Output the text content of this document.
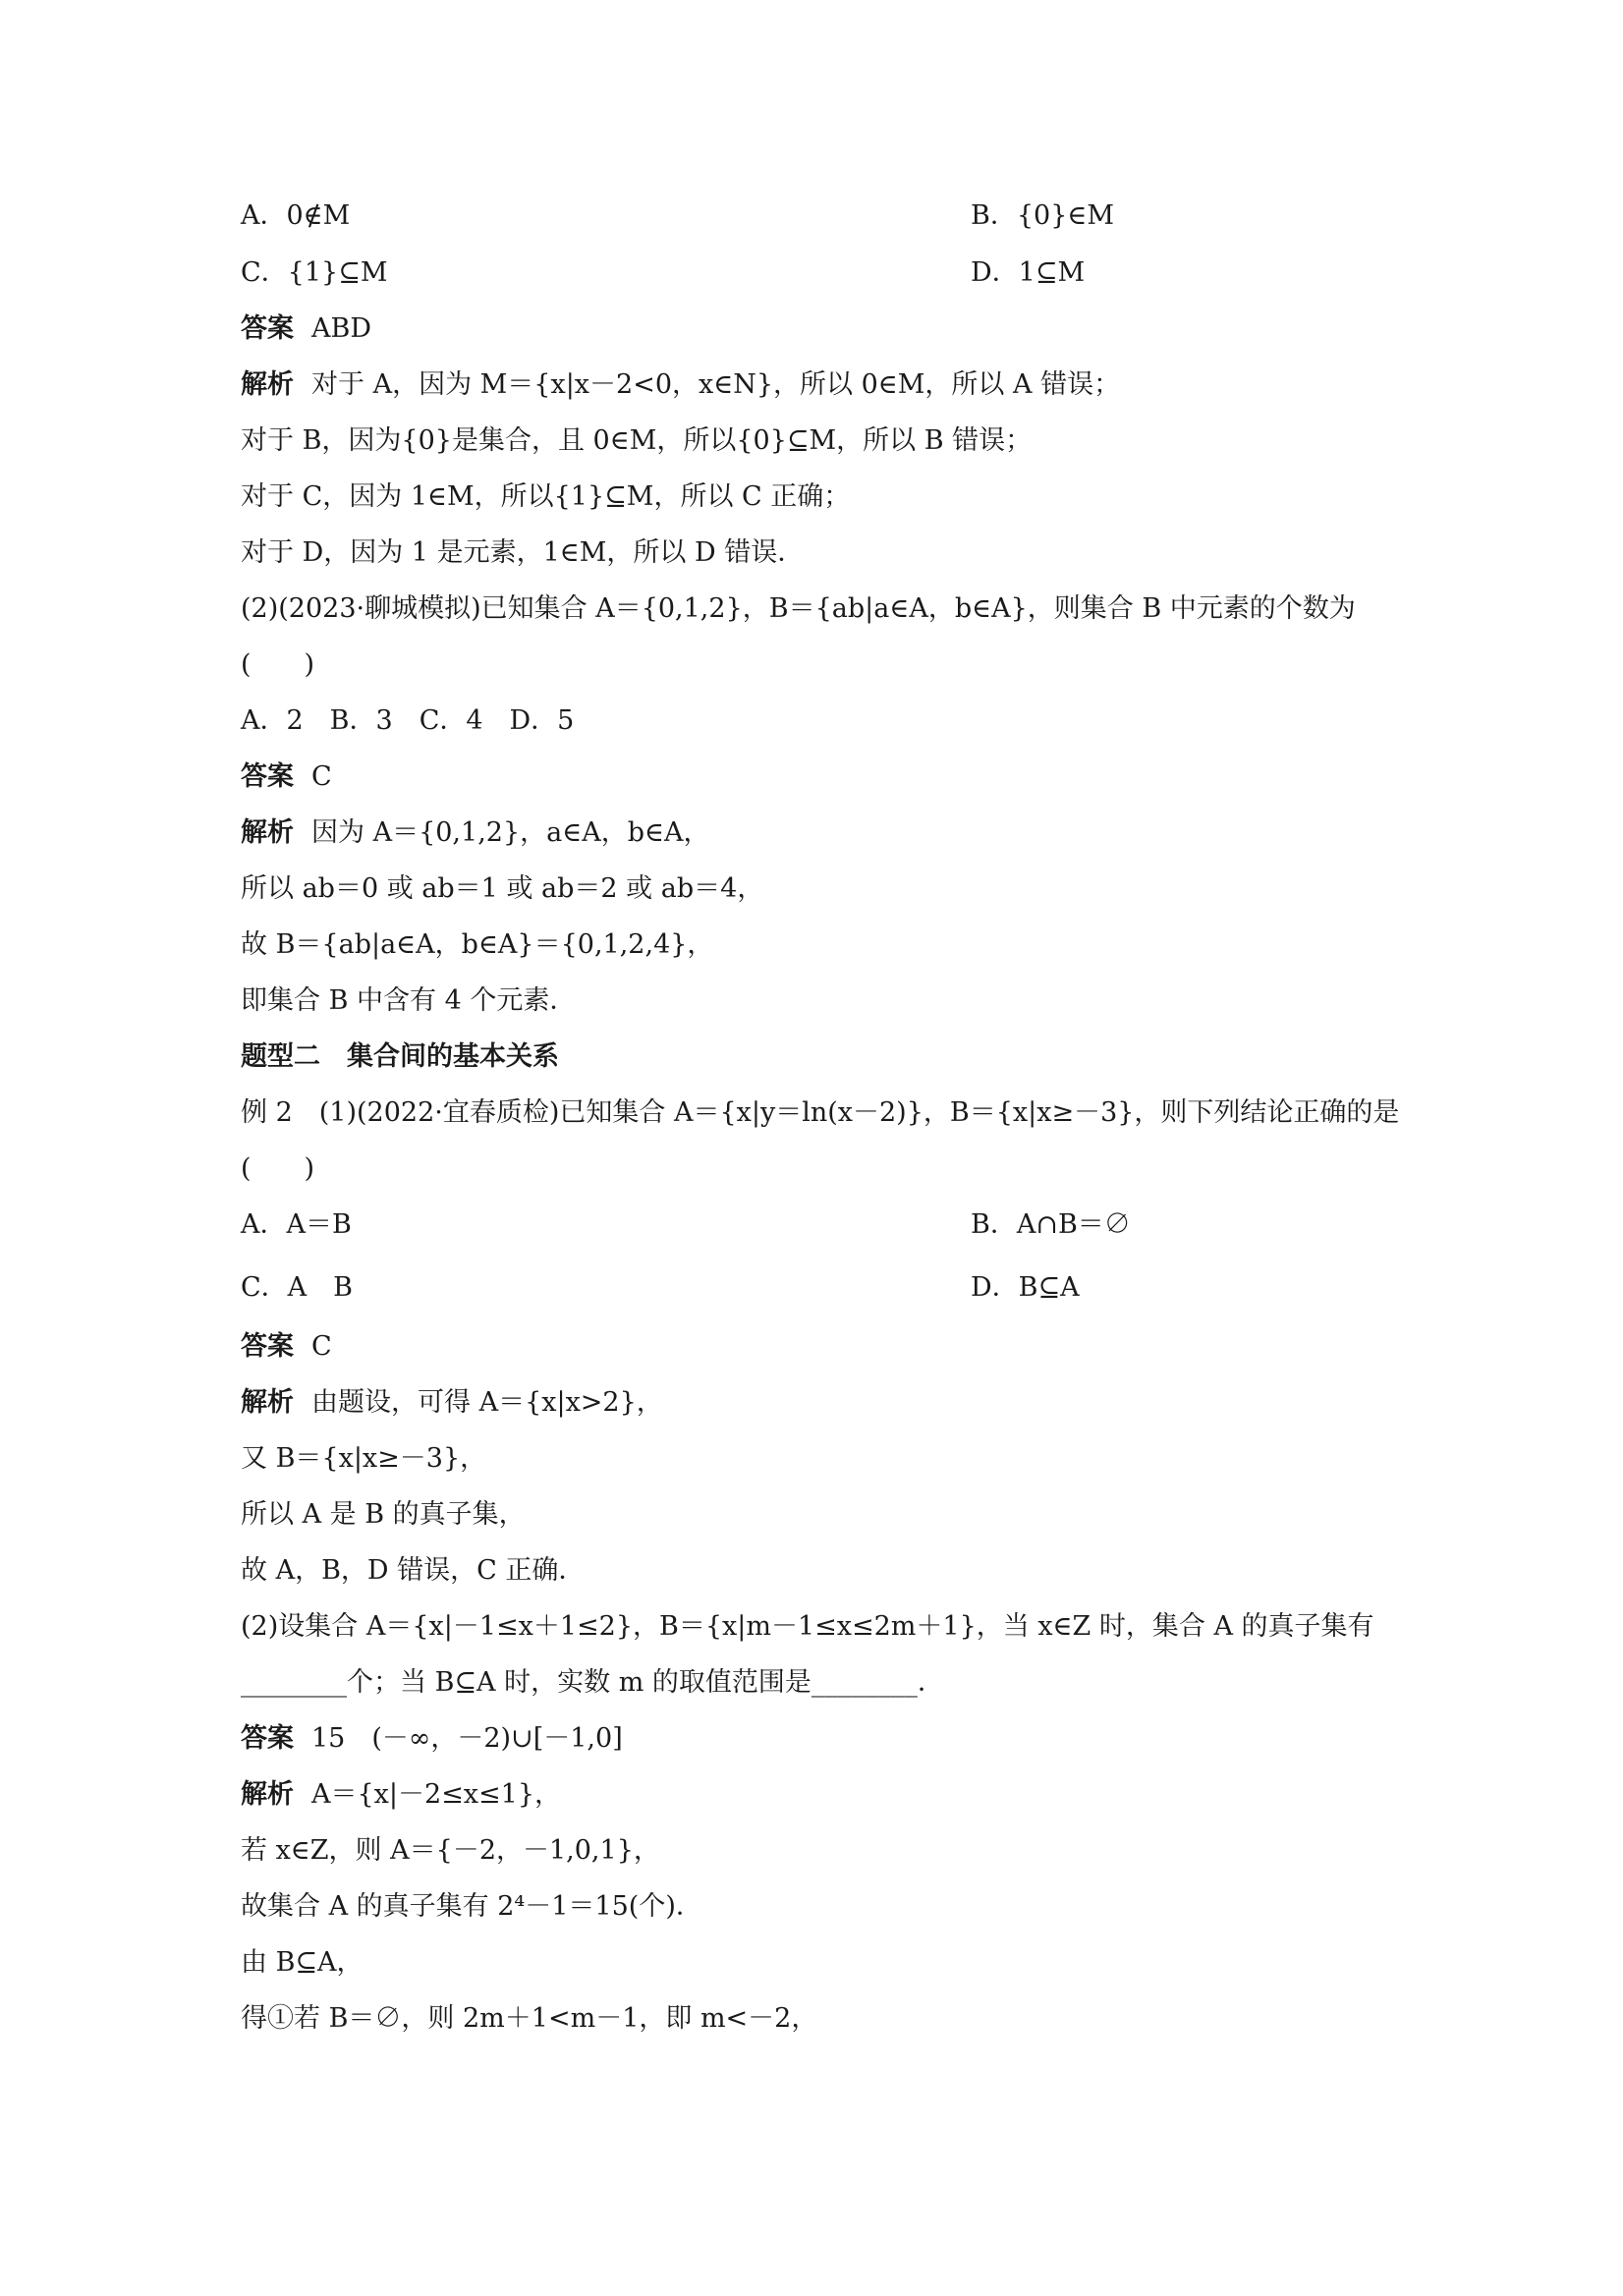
A．0∉M	B．{0}∈M
C．{1}⊆M	D．1⊆M
答案 ABD
解析 对于 A，因为 M＝{x|x－2<0，x∈N}，所以 0∈M，所以 A 错误；
对于 B，因为{0}是集合，且 0∈M，所以{0}⊆M，所以 B 错误；
对于 C，因为 1∈M，所以{1}⊆M，所以 C 正确；
对于 D，因为 1 是元素，1∈M，所以 D 错误．
(2)(2023·聊城模拟)已知集合 A＝{0,1,2}，B＝{ab|a∈A，b∈A}，则集合 B 中元素的个数为
(　　)
A．2　B．3　C．4　D．5
答案 C
解析 因为 A＝{0,1,2}，a∈A，b∈A，
所以 ab＝0 或 ab＝1 或 ab＝2 或 ab＝4，
故 B＝{ab|a∈A，b∈A}＝{0,1,2,4}，
即集合 B 中含有 4 个元素．
题型二　集合间的基本关系
例 2　(1)(2022·宜春质检)已知集合 A＝{x|y＝ln(x－2)}，B＝{x|x≥－3}，则下列结论正确的是
(　　)
A．A＝B	B．A∩B＝∅
C．A　B	D．B⊆A
答案 C
解析 由题设，可得 A＝{x|x>2}，
又 B＝{x|x≥－3}，
所以 A 是 B 的真子集，
故 A，B，D 错误，C 正确．
(2)设集合 A＝{x|－1≤x＋1≤2}，B＝{x|m－1≤x≤2m＋1}，当 x∈Z 时，集合 A 的真子集有
________个；当 B⊆A 时，实数 m 的取值范围是________．
答案 15　(－∞，－2)∪[－1,0]
解析 A＝{x|－2≤x≤1}，
若 x∈Z，则 A＝{－2，－1,0,1}，
故集合 A 的真子集有 2⁴－1＝15(个)．
由 B⊆A，
得①若 B＝∅，则 2m＋1<m－1，即 m<－2，
